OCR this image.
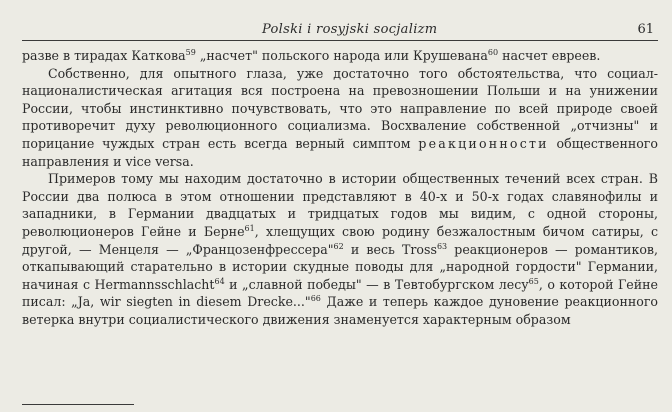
Polski i rosyjski socjalizm	61

разве в тирадах Каткова$^{59}$ „насчет" польского народа или Крушевана$^{60}$ насчет евреев.

Собственно, для опытного глаза, уже достаточно того обстоятельства, что социал-националистическая агитация вся построена на превозношении Польши и на унижении России, чтобы инстинктивно почувствовать, что это направление по всей природе своей противоречит духу революционного социализма. Восхваление собственной „отчизны" и порицание чуждых стран есть всегда верный симптом реакционности общественного направления и vice versa.

Примеров тому мы находим достаточно в истории общественных течений всех стран. В России два полюса в этом отношении представляют в 40-х и 50-х годах славянофилы и западники, в Германии двадцатых и тридцатых годов мы видим, с одной стороны, революционеров Гейне и Берне$^{61}$, хлещущих свою родину безжалостным бичом сатиры, с другой, — Менцеля — „Францозенфрессера"$^{62}$ и весь Tross$^{63}$ реакционеров — романтиков, откапывающий старательно в истории скудные поводы для „народной гордости" Германии, начиная с Hermannsschlacht$^{64}$ и „славной победы" — в Тевтобургском лесу$^{65}$, о которой Гейне писал: „Ja, wir siegten in diesem Drecke..."$^{66}$ Даже и теперь каждое дуновение реакционного ветерка внутри социалистического движения знаменуется характерным образом
